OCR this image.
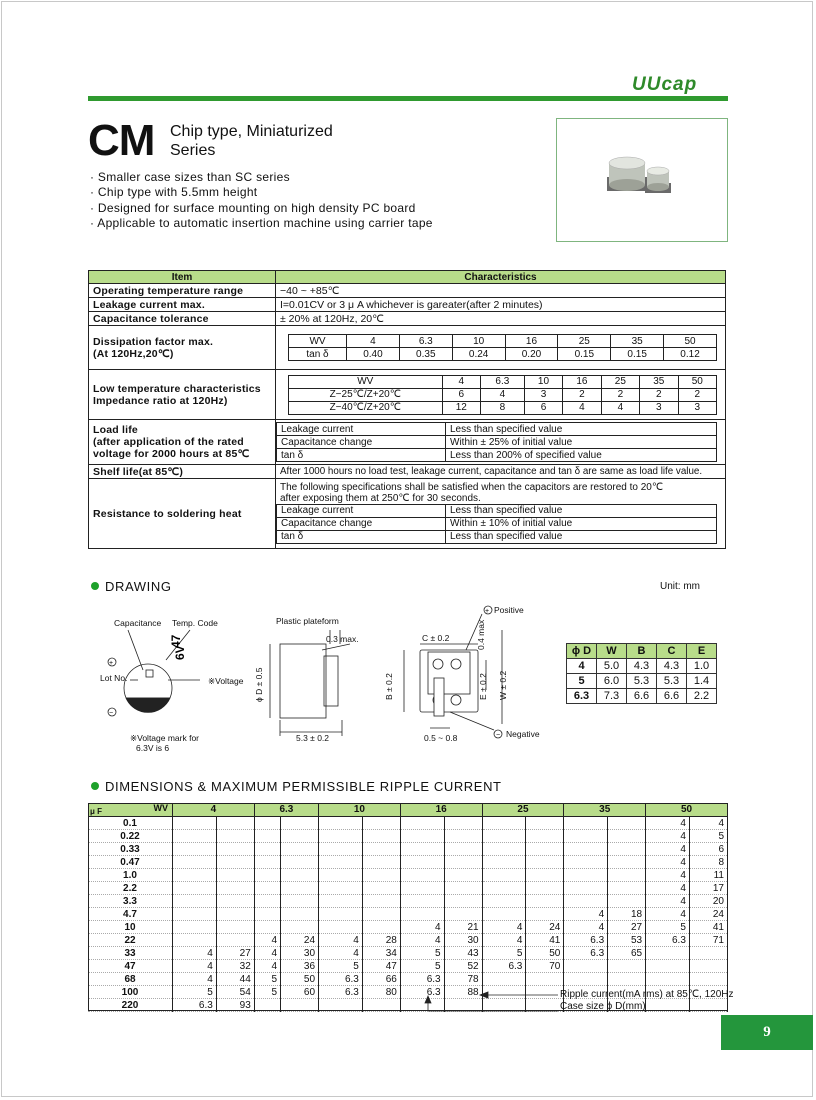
UUcap
CM Chip type, Miniaturized
Series
· Smaller case sizes than SC series
· Chip type with 5.5mm height
· Designed for surface mounting on high density PC board
· Applicable to automatic insertion machine using carrier tape
Item	Characteristics
Operating temperature range	−40 ~ +85℃
Leakage current max.	I=0.01CV or 3 μ A whichever is gareater(after 2 minutes)
Capacitance tolerance	± 20% at 120Hz, 20℃

Dissipation factor max.
(At 120Hz,20℃)

WV	4	6.3	10	16	25	35	50
tan δ	0.40	0.35	0.24	0.20	0.15	0.15	0.12

Low temperature characteristics
Impedance ratio at 120Hz)

WV	4	6.3	10	16	25	35	50
Z−25℃/Z+20℃	6	4	3	2	2	2	2
Z−40℃/Z+20℃	12	8	6	4	4	3	3

Load life
(after application of the rated
voltage for 2000 hours at 85℃

Leakage current	Less than specified value
Capacitance change	Within ± 25% of initial value
tan δ	Less than 200% of specified value

Shelf life(at 85℃)	After 1000 hours no load test, leakage current, capacitance and tan δ are same as load life value.
Resistance to soldering heat	
The following specifications shall be satisfied when the capacitors are restored to 20℃
after exposing them at 250℃ for 30 seconds.
Leakage current	Less than specified value
Capacitance change	Within ± 10% of initial value
tan δ	Less than specified value
DRAWING	Unit: mm
47
6V
+
−
+
−
Capacitance Temp. Code
Lot No.	※Voltage
※Voltage mark for
6.3V is 6
Plastic plateform
0.3 max.
ϕ D ± 0.5
5.3 ± 0.2
Positive
Negative
C ± 0.2	0.4 max
B ± 0.2	E ± 0.2 W ± 0.2
0.5 ~ 0.8
ϕ D	W	B	C	E
4	5.0	4.3	4.3	1.0
5	6.0	5.3	5.3	1.4
6.3	7.3	6.6	6.6	2.2
DIMENSIONS & MAXIMUM PERMISSIBLE RIPPLE CURRENT
μ F WV	4		6.3		10		16		25		35		50	
0.1													4	4
0.22													4	5
0.33													4	6
0.47													4	8
1.0													4	11
2.2													4	17
3.3													4	20
4.7											4	18	4	24
10							4	21	4	24	4	27	5	41
22			4	24	4	28	4	30	4	41	6.3	53	6.3	71
33	4	27	4	30	4	34	5	43	5	50	6.3	65		
47	4	32	4	36	5	47	5	52	6.3	70				
68	4	44	5	50	6.3	66	6.3	78						
100	5	54	5	60	6.3	80	6.3	88						
220	6.3	93												
Ripple current(mA rms) at 85℃, 120Hz
Case size ϕ D(mm)
9
